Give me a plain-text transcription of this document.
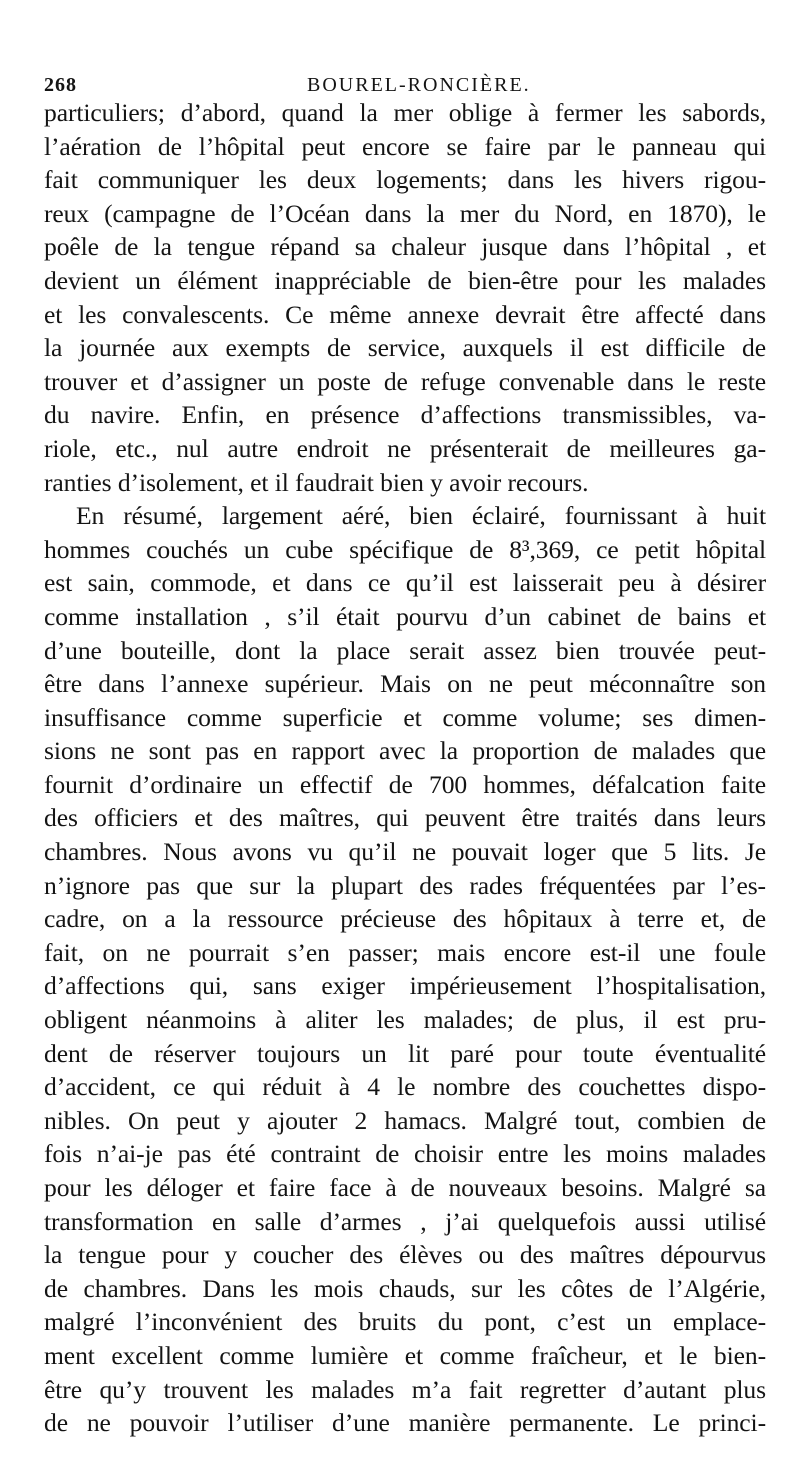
268	BOUREL-RONCIÈRE.
particuliers; d’abord, quand la mer oblige à fermer les sabords,
l’aération de l’hôpital peut encore se faire par le panneau qui
fait communiquer les deux logements; dans les hivers rigou-
reux (campagne de l’Océan dans la mer du Nord, en 1870), le
poêle de la tengue répand sa chaleur jusque dans l’hôpital , et
devient un élément inappréciable de bien-être pour les malades
et les convalescents. Ce même annexe devrait être affecté dans
la journée aux exempts de service, auxquels il est difficile de
trouver et d’assigner un poste de refuge convenable dans le reste
du navire. Enfin, en présence d’affections transmissibles, va-
riole, etc., nul autre endroit ne présenterait de meilleures ga-
ranties d’isolement, et il faudrait bien y avoir recours.
En résumé, largement aéré, bien éclairé, fournissant à huit
hommes couchés un cube spécifique de 8³,369, ce petit hôpital
est sain, commode, et dans ce qu’il est laisserait peu à désirer
comme installation , s’il était pourvu d’un cabinet de bains et
d’une bouteille, dont la place serait assez bien trouvée peut-
être dans l’annexe supérieur. Mais on ne peut méconnaître son
insuffisance comme superficie et comme volume; ses dimen-
sions ne sont pas en rapport avec la proportion de malades que
fournit d’ordinaire un effectif de 700 hommes, défalcation faite
des officiers et des maîtres, qui peuvent être traités dans leurs
chambres. Nous avons vu qu’il ne pouvait loger que 5 lits. Je
n’ignore pas que sur la plupart des rades fréquentées par l’es-
cadre, on a la ressource précieuse des hôpitaux à terre et, de
fait, on ne pourrait s’en passer; mais encore est-il une foule
d’affections qui, sans exiger impérieusement l’hospitalisation,
obligent néanmoins à aliter les malades; de plus, il est pru-
dent de réserver toujours un lit paré pour toute éventualité
d’accident, ce qui réduit à 4 le nombre des couchettes dispo-
nibles. On peut y ajouter 2 hamacs. Malgré tout, combien de
fois n’ai-je pas été contraint de choisir entre les moins malades
pour les déloger et faire face à de nouveaux besoins. Malgré sa
transformation en salle d’armes , j’ai quelquefois aussi utilisé
la tengue pour y coucher des élèves ou des maîtres dépourvus
de chambres. Dans les mois chauds, sur les côtes de l’Algérie,
malgré l’inconvénient des bruits du pont, c’est un emplace-
ment excellent comme lumière et comme fraîcheur, et le bien-
être qu’y trouvent les malades m’a fait regretter d’autant plus
de ne pouvoir l’utiliser d’une manière permanente. Le princi-
